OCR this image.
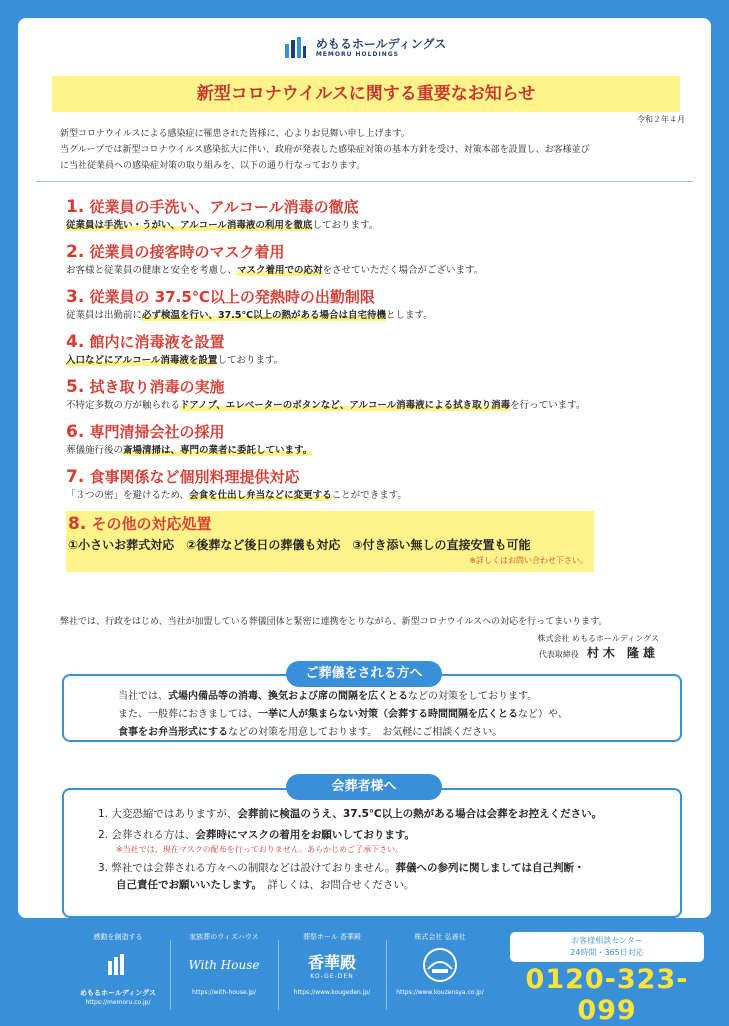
めもるホールディングス
MEMORU HOLDINGS
新型コロナウイルスに関する重要なお知らせ
令和２年４月
新型コロナウイルスによる感染症に罹患された皆様に、心よりお見舞い申し上げます。
当グループでは新型コロナウイルス感染拡大に伴い、政府が発表した感染症対策の基本方針を受け、対策本部を設置し、お客様並び
に当社従業員への感染症対策の取り組みを、以下の通り行なっております。
1. 従業員の手洗い、アルコール消毒の徹底

従業員は手洗い・うがい、アルコール消毒液の利用を徹底しております。

2. 従業員の接客時のマスク着用

お客様と従業員の健康と安全を考慮し、マスク着用での応対をさせていただく場合がございます。

3. 従業員の 37.5℃以上の発熱時の出勤制限

従業員は出勤前に必ず検温を行い、37.5℃以上の熱がある場合は自宅待機とします。

4. 館内に消毒液を設置

入口などにアルコール消毒液を設置しております。

5. 拭き取り消毒の実施

不特定多数の方が触られるドアノブ、エレベーターのボタンなど、アルコール消毒液による拭き取り消毒を行っています。

6. 専門清掃会社の採用

葬儀施行後の斎場清掃は、専門の業者に委託しています。

7. 食事関係など個別料理提供対応

「３つの密」を避けるため、会食を仕出し弁当などに変更することができます。

8. その他の対応処置
①小さいお葬式対応　②後葬など後日の葬儀も対応　③付き添い無しの直接安置も可能
※詳しくはお問い合わせ下さい。
弊社では、行政をはじめ、当社が加盟している葬儀団体と緊密に連携をとりながら、新型コロナウイルスへの対応を行ってまいります。
株式会社 めもるホールディングス
代表取締役　 村木 隆雄
当社では、式場内備品等の消毒、換気および席の間隔を広くとるなどの対策をしております。
また、一般葬におきましては、一挙に人が集まらない対策（会葬する時間間隔を広くとるなど）や、
食事をお弁当形式にするなどの対策を用意しております。　お気軽にご相談ください。
ご葬儀をされる方へ
1. 大変恐縮ではありますが、会葬前に検温のうえ、37.5℃以上の熱がある場合は会葬をお控えください。
2. 会葬される方は、会葬時にマスクの着用をお願いしております。
※当社では、現在マスクの配布を行っておりません。あらかじめご了承下さい。
3. 弊社では会葬される方々への制限などは設けておりません。葬儀への参列に関しましては自己判断・
自己責任でお願いいたします。　詳しくは、お問合せください。
会葬者様へ
感動を創造する
めもるホールディングス
https://memoru.co.jp/
家族葬のウィズハウス
With House
https://with-house.jp/
葬祭ホール 香華殿
香華殿
KO-GE-DEN
https://www.kougeden.jp/
株式会社 弘善社
https://www.kouzensya.co.jp/
お客様相談センター
24時間・365日対応
0120-323-099
